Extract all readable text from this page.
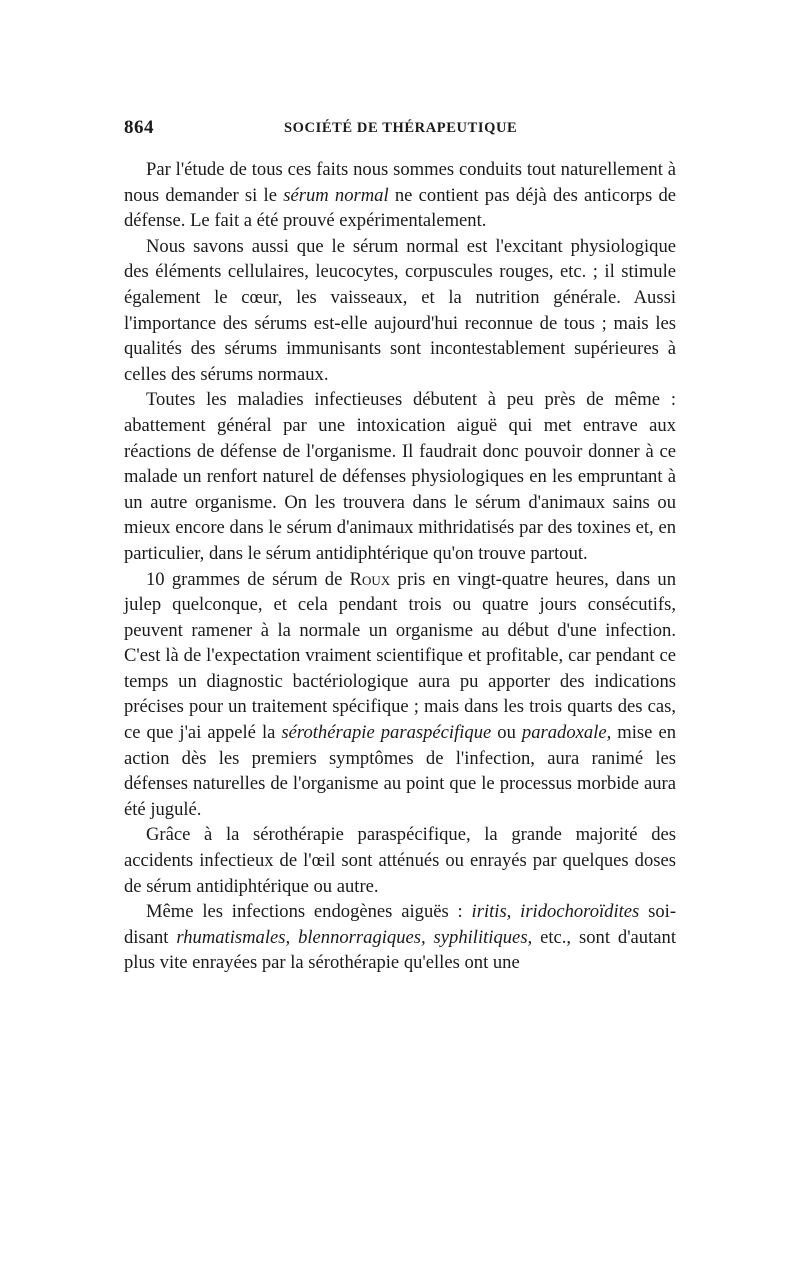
864	SOCIÉTÉ DE THÉRAPEUTIQUE

Par l'étude de tous ces faits nous sommes conduits tout naturellement à nous demander si le sérum normal ne contient pas déjà des anticorps de défense. Le fait a été prouvé expérimentalement.

Nous savons aussi que le sérum normal est l'excitant physiologique des éléments cellulaires, leucocytes, corpuscules rouges, etc. ; il stimule également le cœur, les vaisseaux, et la nutrition générale. Aussi l'importance des sérums est-elle aujourd'hui reconnue de tous ; mais les qualités des sérums immunisants sont incontestablement supérieures à celles des sérums normaux.

Toutes les maladies infectieuses débutent à peu près de même : abattement général par une intoxication aiguë qui met entrave aux réactions de défense de l'organisme. Il faudrait donc pouvoir donner à ce malade un renfort naturel de défenses physiologiques en les empruntant à un autre organisme. On les trouvera dans le sérum d'animaux sains ou mieux encore dans le sérum d'animaux mithridatisés par des toxines et, en particulier, dans le sérum antidiphtérique qu'on trouve partout.

10 grammes de sérum de Roux pris en vingt-quatre heures, dans un julep quelconque, et cela pendant trois ou quatre jours consécutifs, peuvent ramener à la normale un organisme au début d'une infection. C'est là de l'expectation vraiment scientifique et profitable, car pendant ce temps un diagnostic bactériologique aura pu apporter des indications précises pour un traitement spécifique ; mais dans les trois quarts des cas, ce que j'ai appelé la sérothérapie paraspécifique ou paradoxale, mise en action dès les premiers symptômes de l'infection, aura ranimé les défenses naturelles de l'organisme au point que le processus morbide aura été jugulé.

Grâce à la sérothérapie paraspécifique, la grande majorité des accidents infectieux de l'œil sont atténués ou enrayés par quelques doses de sérum antidiphtérique ou autre.

Même les infections endogènes aiguës : iritis, iridochoroïdites soi-disant rhumatismales, blennorragiques, syphilitiques, etc., sont d'autant plus vite enrayées par la sérothérapie qu'elles ont une
